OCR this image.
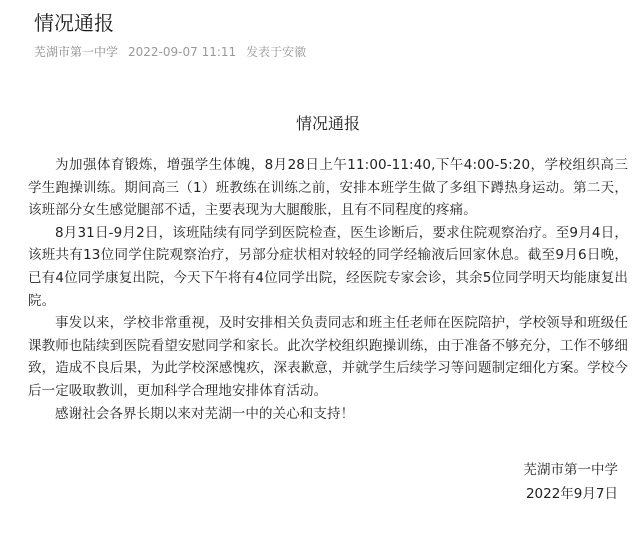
情况通报
芜湖市第一中学 2022-09-07 11:11 发表于安徽
情况通报

为加强体育锻炼，增强学生体魄，8月28日上午11:00-11:40,下午4:00-5:20，学校组织高三学生跑操训练。期间高三（1）班教练在训练之前，安排本班学生做了多组下蹲热身运动。第二天，该班部分女生感觉腿部不适，主要表现为大腿酸胀，且有不同程度的疼痛。

8月31日-9月2日，该班陆续有同学到医院检查，医生诊断后，要求住院观察治疗。至9月4日，该班共有13位同学住院观察治疗，另部分症状相对较轻的同学经输液后回家休息。截至9月6日晚，已有4位同学康复出院，今天下午将有4位同学出院，经医院专家会诊，其余5位同学明天均能康复出院。

事发以来，学校非常重视，及时安排相关负责同志和班主任老师在医院陪护，学校领导和班级任课教师也陆续到医院看望安慰同学和家长。此次学校组织跑操训练，由于准备不够充分，工作不够细致，造成不良后果，为此学校深感愧疚，深表歉意，并就学生后续学习等问题制定细化方案。学校今后一定吸取教训，更加科学合理地安排体育活动。

感谢社会各界长期以来对芜湖一中的关心和支持！

芜湖市第一中学
2022年9月7日
